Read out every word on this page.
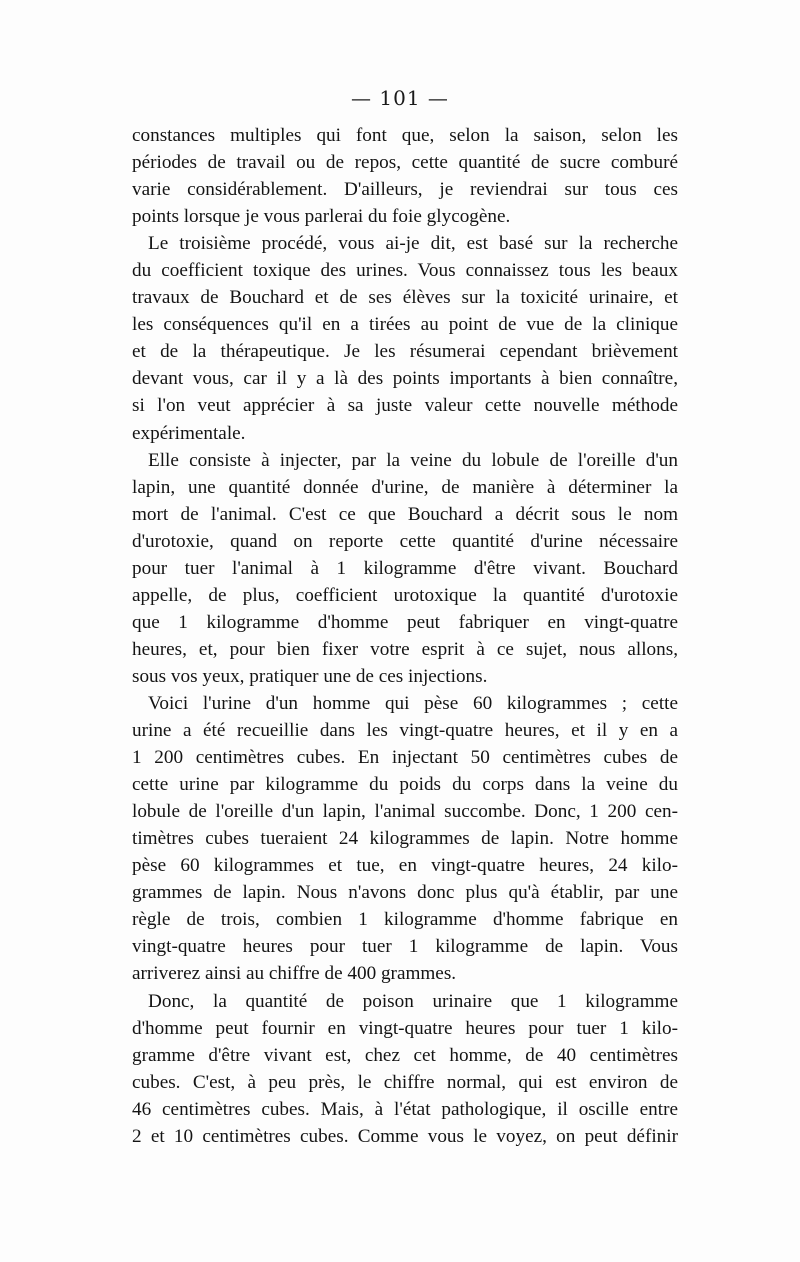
— 101 —
constances multiples qui font que, selon la saison, selon les
périodes de travail ou de repos, cette quantité de sucre comburé
varie considérablement. D'ailleurs, je reviendrai sur tous ces
points lorsque je vous parlerai du foie glycogène.
Le troisième procédé, vous ai-je dit, est basé sur la recherche
du coefficient toxique des urines. Vous connaissez tous les beaux
travaux de Bouchard et de ses élèves sur la toxicité urinaire, et
les conséquences qu'il en a tirées au point de vue de la clinique
et de la thérapeutique. Je les résumerai cependant brièvement
devant vous, car il y a là des points importants à bien connaître,
si l'on veut apprécier à sa juste valeur cette nouvelle méthode
expérimentale.
Elle consiste à injecter, par la veine du lobule de l'oreille d'un
lapin, une quantité donnée d'urine, de manière à déterminer la
mort de l'animal. C'est ce que Bouchard a décrit sous le nom
d'urotoxie, quand on reporte cette quantité d'urine nécessaire
pour tuer l'animal à 1 kilogramme d'être vivant. Bouchard
appelle, de plus, coefficient urotoxique la quantité d'urotoxie
que 1 kilogramme d'homme peut fabriquer en vingt-quatre
heures, et, pour bien fixer votre esprit à ce sujet, nous allons,
sous vos yeux, pratiquer une de ces injections.
Voici l'urine d'un homme qui pèse 60 kilogrammes ; cette
urine a été recueillie dans les vingt-quatre heures, et il y en a
1 200 centimètres cubes. En injectant 50 centimètres cubes de
cette urine par kilogramme du poids du corps dans la veine du
lobule de l'oreille d'un lapin, l'animal succombe. Donc, 1 200 cen-
timètres cubes tueraient 24 kilogrammes de lapin. Notre homme
pèse 60 kilogrammes et tue, en vingt-quatre heures, 24 kilo-
grammes de lapin. Nous n'avons donc plus qu'à établir, par une
règle de trois, combien 1 kilogramme d'homme fabrique en
vingt-quatre heures pour tuer 1 kilogramme de lapin. Vous
arriverez ainsi au chiffre de 400 grammes.
Donc, la quantité de poison urinaire que 1 kilogramme
d'homme peut fournir en vingt-quatre heures pour tuer 1 kilo-
gramme d'être vivant est, chez cet homme, de 40 centimètres
cubes. C'est, à peu près, le chiffre normal, qui est environ de
46 centimètres cubes. Mais, à l'état pathologique, il oscille entre
2 et 10 centimètres cubes. Comme vous le voyez, on peut définir
